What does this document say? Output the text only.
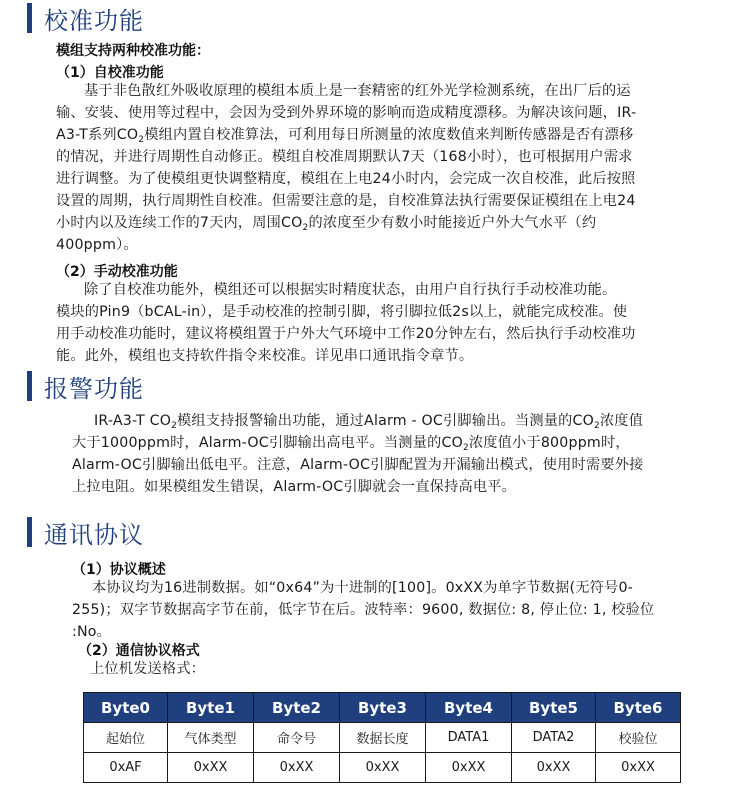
校准功能
模组支持两种校准功能：
（1）自校准功能
基于非色散红外吸收原理的模组本质上是一套精密的红外光学检测系统，在出厂后的运
输、安装、使用等过程中，会因为受到外界环境的影响而造成精度漂移。为解决该问题，IR-
A3-T系列$CO_2$模组内置自校准算法，可利用每日所测量的浓度数值来判断传感器是否有漂移
的情况，并进行周期性自动修正。模组自校准周期默认7天（168小时），也可根据用户需求
进行调整。为了使模组更快调整精度，模组在上电24小时内，会完成一次自校准，此后按照
设置的周期，执行周期性自校准。但需要注意的是，自校准算法执行需要保证模组在上电24
小时内以及连续工作的7天内，周围$CO_2$的浓度至少有数小时能接近户外大气水平（约
400ppm）。
（2）手动校准功能
除了自校准功能外，模组还可以根据实时精度状态，由用户自行执行手动校准功能。
模块的Pin9（bCAL-in），是手动校准的控制引脚，将引脚拉低2s以上，就能完成校准。使
用手动校准功能时，建议将模组置于户外大气环境中工作20分钟左右，然后执行手动校准功
能。此外，模组也支持软件指令来校准。详见串口通讯指令章节。
报警功能
IR-A3-T $CO_2$模组支持报警输出功能，通过Alarm - OC引脚输出。当测量的$CO_2$浓度值
大于1000ppm时，Alarm-OC引脚输出高电平。当测量的$CO_2$浓度值小于800ppm时，
Alarm-OC引脚输出低电平。注意，Alarm-OC引脚配置为开漏输出模式，使用时需要外接
上拉电阻。如果模组发生错误，Alarm-OC引脚就会一直保持高电平。
通讯协议
（1）协议概述
本协议均为16进制数据。如“0x64”为十进制的[100]。0xXX为单字节数据(无符号0-
255)；双字节数据高字节在前，低字节在后。波特率：9600, 数据位: 8, 停止位: 1, 校验位
:No。
（2）通信协议格式
上位机发送格式：
Byte0	Byte1	Byte2	Byte3	Byte4	Byte5	Byte6
起始位	气体类型	命令号	数据长度	DATA1	DATA2	校验位
0xAF	0xXX	0xXX	0xXX	0xXX	0xXX	0xXX
